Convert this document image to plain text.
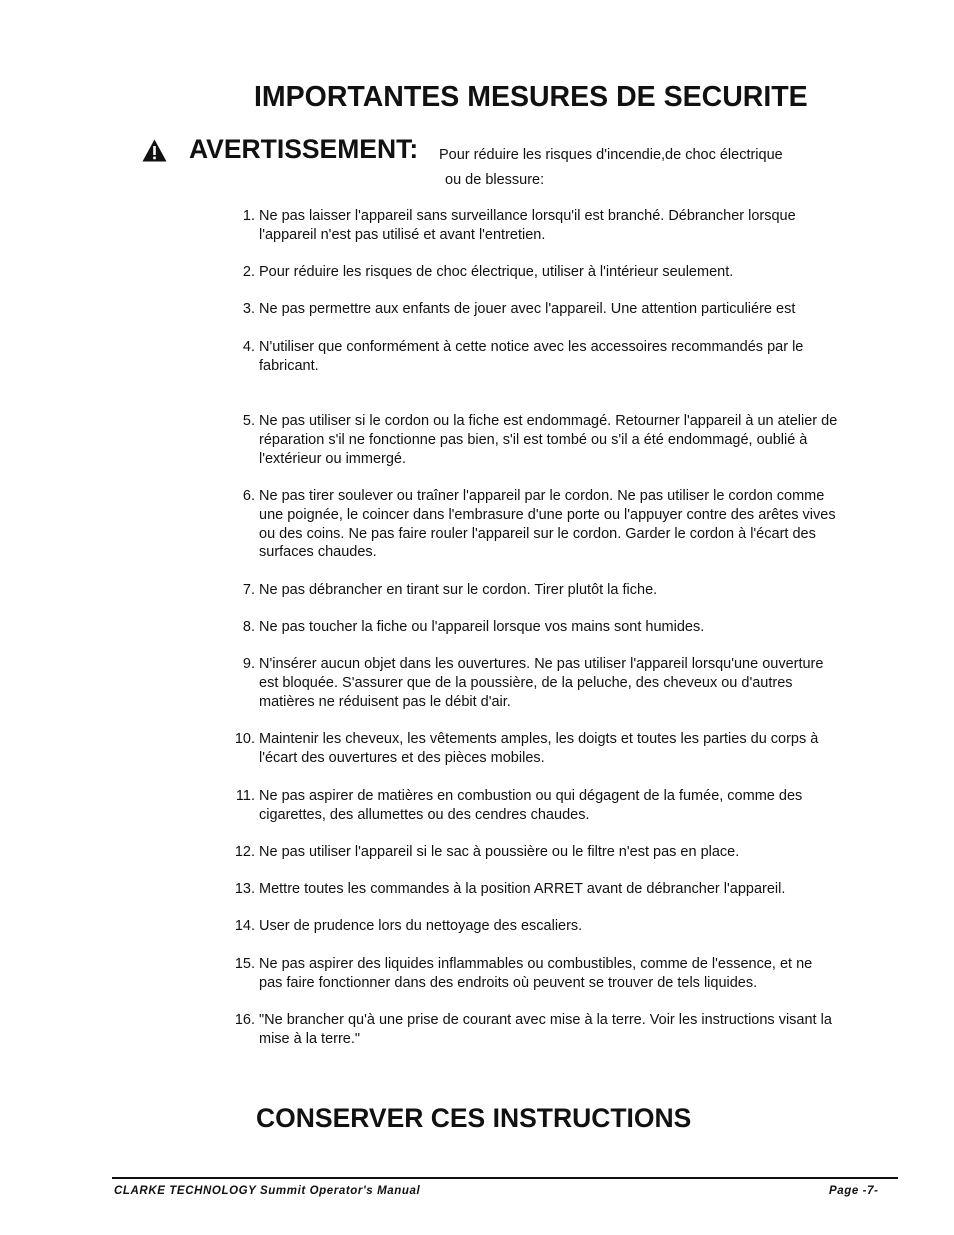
IMPORTANTES MESURES DE SECURITE
AVERTISSEMENT: Pour réduire les risques d'incendie,de choc électrique
ou de blessure:
1. Ne pas laisser l'appareil sans surveillance lorsqu'il est branché. Débrancher lorsque l'appareil n'est pas utilisé et avant l'entretien.
2. Pour réduire les risques de choc électrique, utiliser à l'intérieur seulement.
3. Ne pas permettre aux enfants de jouer avec l'appareil. Une attention particuliére est
4. N'utiliser que conformément à cette notice avec les accessoires recommandés par le fabricant.
5. Ne pas utiliser si le cordon ou la fiche est endommagé. Retourner l'appareil à un atelier de réparation s'il ne fonctionne pas bien, s'il est tombé ou s'il a été endommagé, oublié à l'extérieur ou immergé.
6. Ne pas tirer soulever ou traîner l'appareil par le cordon. Ne pas utiliser le cordon comme une poignée, le coincer dans l'embrasure d'une porte ou l'appuyer contre des arêtes vives ou des coins. Ne pas faire rouler l'appareil sur le cordon. Garder le cordon à l'écart des surfaces chaudes.
7. Ne pas débrancher en tirant sur le cordon. Tirer plutôt la fiche.
8. Ne pas toucher la fiche ou l'appareil lorsque vos mains sont humides.
9. N'insérer aucun objet dans les ouvertures. Ne pas utiliser l'appareil lorsqu'une ouverture est bloquée. S'assurer que de la poussière, de la peluche, des cheveux ou d'autres matières ne réduisent pas le débit d'air.
10. Maintenir les cheveux, les vêtements amples, les doigts et toutes les parties du corps à l'écart des ouvertures et des pièces mobiles.
11. Ne pas aspirer de matières en combustion ou qui dégagent de la fumée, comme des cigarettes, des allumettes ou des cendres chaudes.
12. Ne pas utiliser l'appareil si le sac à poussière ou le filtre n'est pas en place.
13. Mettre toutes les commandes à la position ARRET avant de débrancher l'appareil.
14. User de prudence lors du nettoyage des escaliers.
15. Ne pas aspirer des liquides inflammables ou combustibles, comme de l'essence, et ne pas faire fonctionner dans des endroits où peuvent se trouver de tels liquides.
16. "Ne brancher qu'à une prise de courant avec mise à la terre. Voir les instructions visant la mise à la terre."
CONSERVER CES INSTRUCTIONS
CLARKE TECHNOLOGY Summit Operator's Manual	Page -7-
